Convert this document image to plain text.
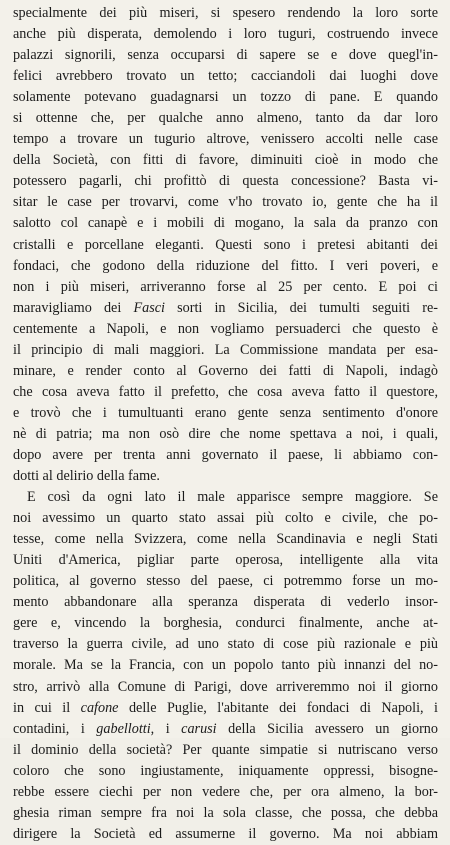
specialmente dei più miseri, si spesero rendendo la loro sorte
anche più disperata, demolendo i loro tuguri, costruendo invece
palazzi signorili, senza occuparsi di sapere se e dove quegl'in-
felici avrebbero trovato un tetto; cacciandoli dai luoghi dove
solamente potevano guadagnarsi un tozzo di pane. E quando
si ottenne che, per qualche anno almeno, tanto da dar loro
tempo a trovare un tugurio altrove, venissero accolti nelle case
della Società, con fitti di favore, diminuiti cioè in modo che
potessero pagarli, chi profittò di questa concessione? Basta vi-
sitar le case per trovarvi, come v'ho trovato io, gente che ha il
salotto col canapè e i mobili di mogano, la sala da pranzo con
cristalli e porcellane eleganti. Questi sono i pretesi abitanti dei
fondaci, che godono della riduzione del fitto. I veri poveri, e
non i più miseri, arriveranno forse al 25 per cento. E poi ci
maravigliamo dei Fasci sorti in Sicilia, dei tumulti seguiti re-
centemente a Napoli, e non vogliamo persuaderci che questo è
il principio di mali maggiori. La Commissione mandata per esa-
minare, e render conto al Governo dei fatti di Napoli, indagò
che cosa aveva fatto il prefetto, che cosa aveva fatto il questore,
e trovò che i tumultuanti erano gente senza sentimento d'onore
nè di patria; ma non osò dire che nome spettava a noi, i quali,
dopo avere per trenta anni governato il paese, li abbiamo con-
dotti al delirio della fame.
E così da ogni lato il male apparisce sempre maggiore. Se
noi avessimo un quarto stato assai più colto e civile, che po-
tesse, come nella Svizzera, come nella Scandinavia e negli Stati
Uniti d'America, pigliar parte operosa, intelligente alla vita
politica, al governo stesso del paese, ci potremmo forse un mo-
mento abbandonare alla speranza disperata di vederlo insor-
gere e, vincendo la borghesia, condurci finalmente, anche at-
traverso la guerra civile, ad uno stato di cose più razionale e più
morale. Ma se la Francia, con un popolo tanto più innanzi del no-
stro, arrivò alla Comune di Parigi, dove arriveremmo noi il giorno
in cui il cafone delle Puglie, l'abitante dei fondaci di Napoli, i
contadini, i gabellotti, i carusi della Sicilia avessero un giorno
il dominio della società? Per quante simpatie si nutriscano verso
coloro che sono ingiustamente, iniquamente oppressi, bisogne-
rebbe essere ciechi per non vedere che, per ora almeno, la bor-
ghesia riman sempre fra noi la sola classe, che possa, che debba
dirigere la Società ed assumerne il governo. Ma noi abbiam
